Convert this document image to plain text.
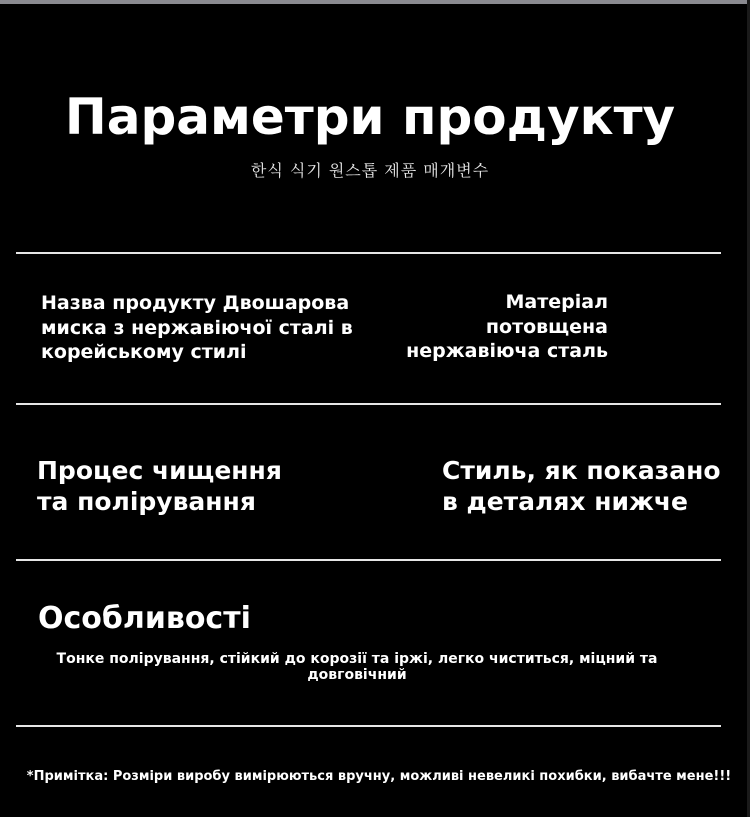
Параметри продукту
한식 식기 원스톱 제품 매개변수
Назва продукту Двошарова
миска з нержавіючої сталі в
корейському стилі
Матеріал
потовщена
нержавіюча сталь
Процес чищення
та полірування
Стиль, як показано
в деталях нижче
Особливості
Тонке полірування, стійкий до корозії та іржі, легко чиститься, міцний та довговічний
*Примітка: Розміри виробу вимірюються вручну, можливі невеликі похибки, вибачте мене!!!
